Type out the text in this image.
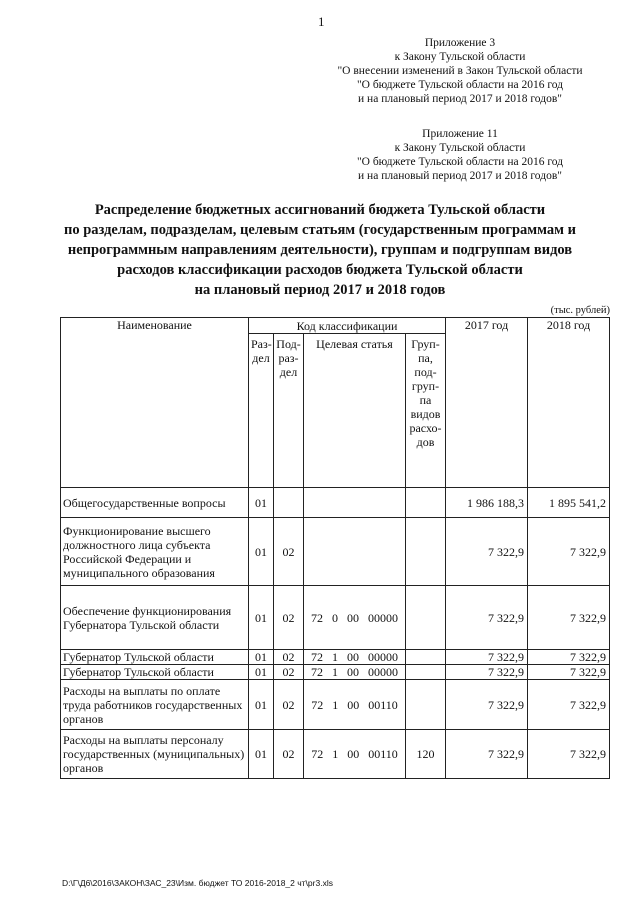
1
Приложение 3
к Закону Тульской области
"О внесении изменений в Закон Тульской области
"О бюджете Тульской области на 2016 год
и на плановый период 2017 и 2018 годов"
Приложение 11
к Закону Тульской области
"О бюджете Тульской области на 2016 год
и на плановый период 2017 и 2018 годов"
Распределение бюджетных ассигнований бюджета Тульской области
по разделам, подразделам, целевым статьям (государственным программам и
непрограммным направлениям деятельности), группам и подгруппам видов
расходов классификации расходов бюджета Тульской области
на плановый период 2017 и 2018 годов
(тыс. рублей)
Наименование	Код классификации				2017 год	2018 год
	Раз- дел	Под- раз- дел	Целевая статья	Груп- па, под- груп- па видов расхо- дов		
Общегосударственные вопросы	01				1 986 188,3	1 895 541,2
Функционирование высшего должностного лица субъекта Российской Федерации и муниципального образования	01	02			7 322,9	7 322,9
Обеспечение функционирования Губернатора Тульской области	01	02	72 0 00 00000		7 322,9	7 322,9
Губернатор Тульской области	01	02	72 1 00 00000		7 322,9	7 322,9
Губернатор Тульской области	01	02	72 1 00 00000		7 322,9	7 322,9
Расходы на выплаты по оплате труда работников государственных органов	01	02	72 1 00 00110		7 322,9	7 322,9
Расходы на выплаты персоналу государственных (муниципальных) органов	01	02	72 1 00 00110	120	7 322,9	7 322,9
D:\Г\Д6\2016\ЗАКОН\ЗАС_23\Изм. бюджет ТО 2016-2018_2 чт\pr3.xls
